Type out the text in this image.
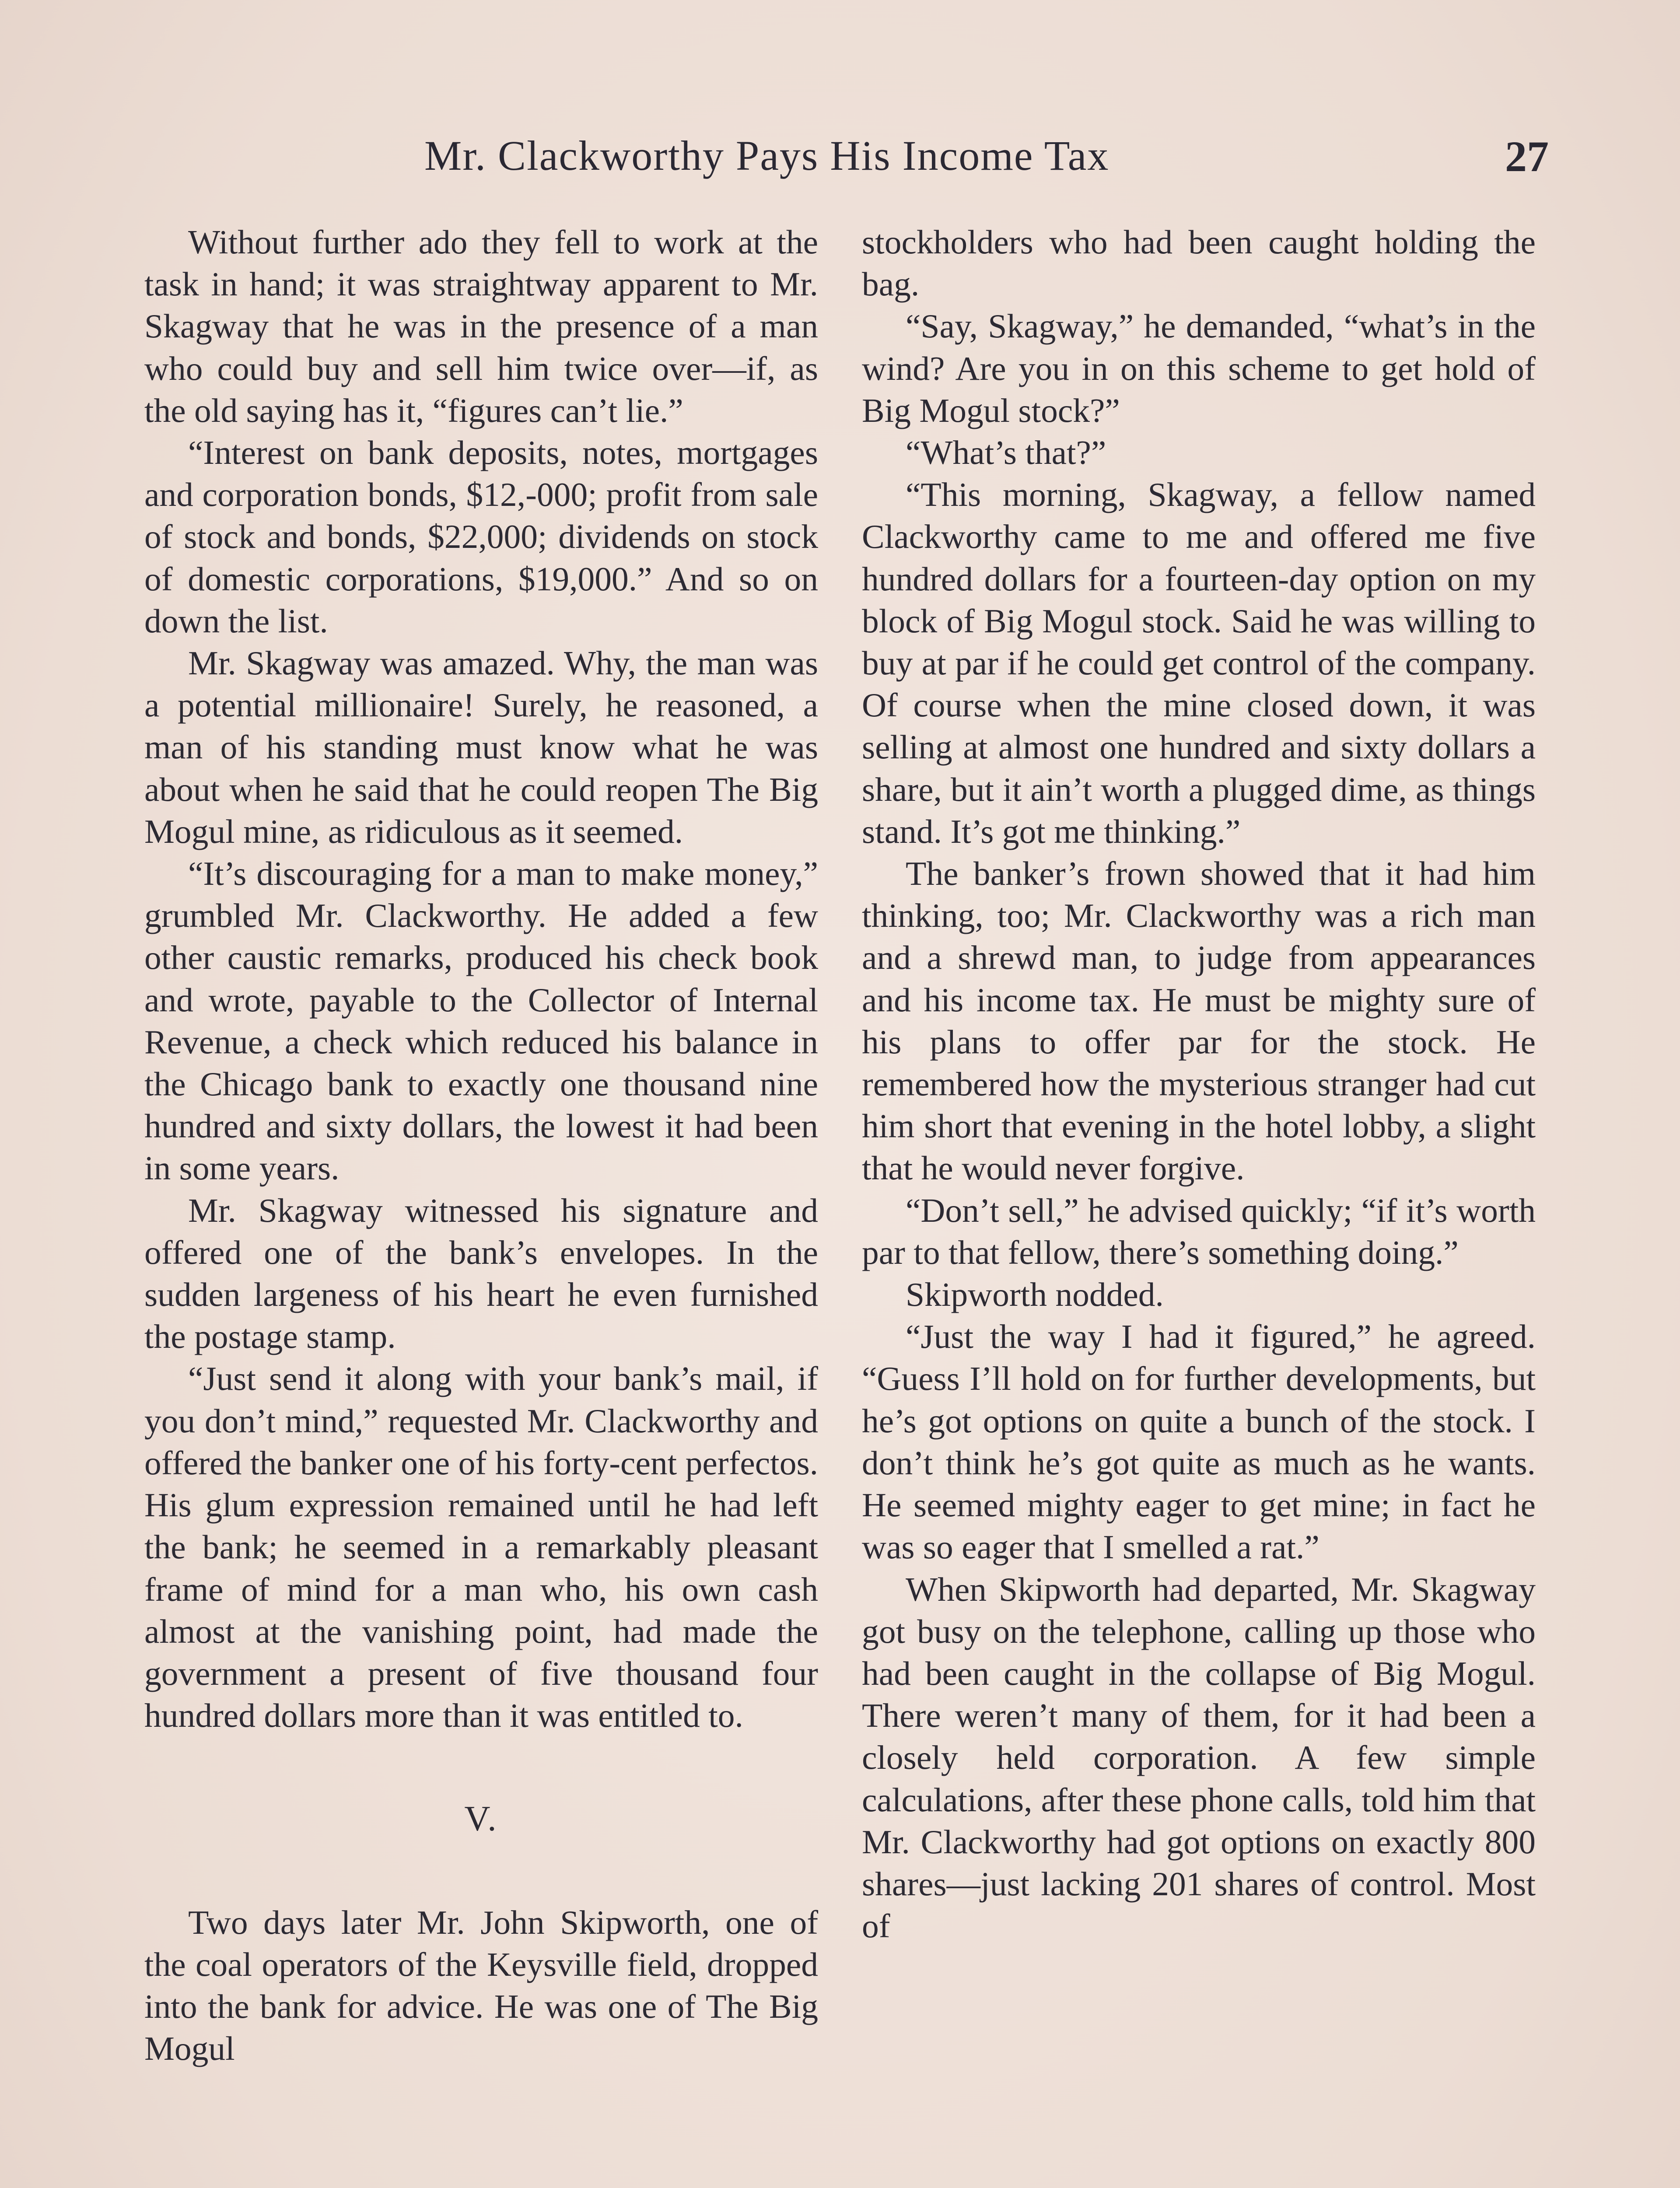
Mr. Clackworthy Pays His Income Tax	27

Without further ado they fell to work at the task in hand; it was straightway apparent to Mr. Skagway that he was in the presence of a man who could buy and sell him twice over—if, as the old saying has it, “figures can’t lie.”

“Interest on bank deposits, notes, mortgages and corporation bonds, $12,-000; profit from sale of stock and bonds, $22,000; dividends on stock of domestic corporations, $19,000.” And so on down the list.

Mr. Skagway was amazed. Why, the man was a potential millionaire! Surely, he reasoned, a man of his standing must know what he was about when he said that he could reopen The Big Mogul mine, as ridiculous as it seemed.

“It’s discouraging for a man to make money,” grumbled Mr. Clackworthy. He added a few other caustic remarks, produced his check book and wrote, payable to the Collector of Internal Revenue, a check which reduced his balance in the Chicago bank to exactly one thousand nine hundred and sixty dollars, the lowest it had been in some years.

Mr. Skagway witnessed his signature and offered one of the bank’s envelopes. In the sudden largeness of his heart he even furnished the postage stamp.

“Just send it along with your bank’s mail, if you don’t mind,” requested Mr. Clackworthy and offered the banker one of his forty-cent perfectos. His glum expression remained until he had left the bank; he seemed in a remarkably pleasant frame of mind for a man who, his own cash almost at the vanishing point, had made the government a present of five thousand four hundred dollars more than it was entitled to.

V.

Two days later Mr. John Skipworth, one of the coal operators of the Keysville field, dropped into the bank for advice. He was one of The Big Mogul

stockholders who had been caught holding the bag.

“Say, Skagway,” he demanded, “what’s in the wind? Are you in on this scheme to get hold of Big Mogul stock?”

“What’s that?”

“This morning, Skagway, a fellow named Clackworthy came to me and offered me five hundred dollars for a fourteen-day option on my block of Big Mogul stock. Said he was willing to buy at par if he could get control of the company. Of course when the mine closed down, it was selling at almost one hundred and sixty dollars a share, but it ain’t worth a plugged dime, as things stand. It’s got me thinking.”

The banker’s frown showed that it had him thinking, too; Mr. Clackworthy was a rich man and a shrewd man, to judge from appearances and his income tax. He must be mighty sure of his plans to offer par for the stock. He remembered how the mysterious stranger had cut him short that evening in the hotel lobby, a slight that he would never forgive.

“Don’t sell,” he advised quickly; “if it’s worth par to that fellow, there’s something doing.”

Skipworth nodded.

“Just the way I had it figured,” he agreed. “Guess I’ll hold on for further developments, but he’s got options on quite a bunch of the stock. I don’t think he’s got quite as much as he wants. He seemed mighty eager to get mine; in fact he was so eager that I smelled a rat.”

When Skipworth had departed, Mr. Skagway got busy on the telephone, calling up those who had been caught in the collapse of Big Mogul. There weren’t many of them, for it had been a closely held corporation. A few simple calculations, after these phone calls, told him that Mr. Clackworthy had got options on exactly 800 shares—just lacking 201 shares of control. Most of
